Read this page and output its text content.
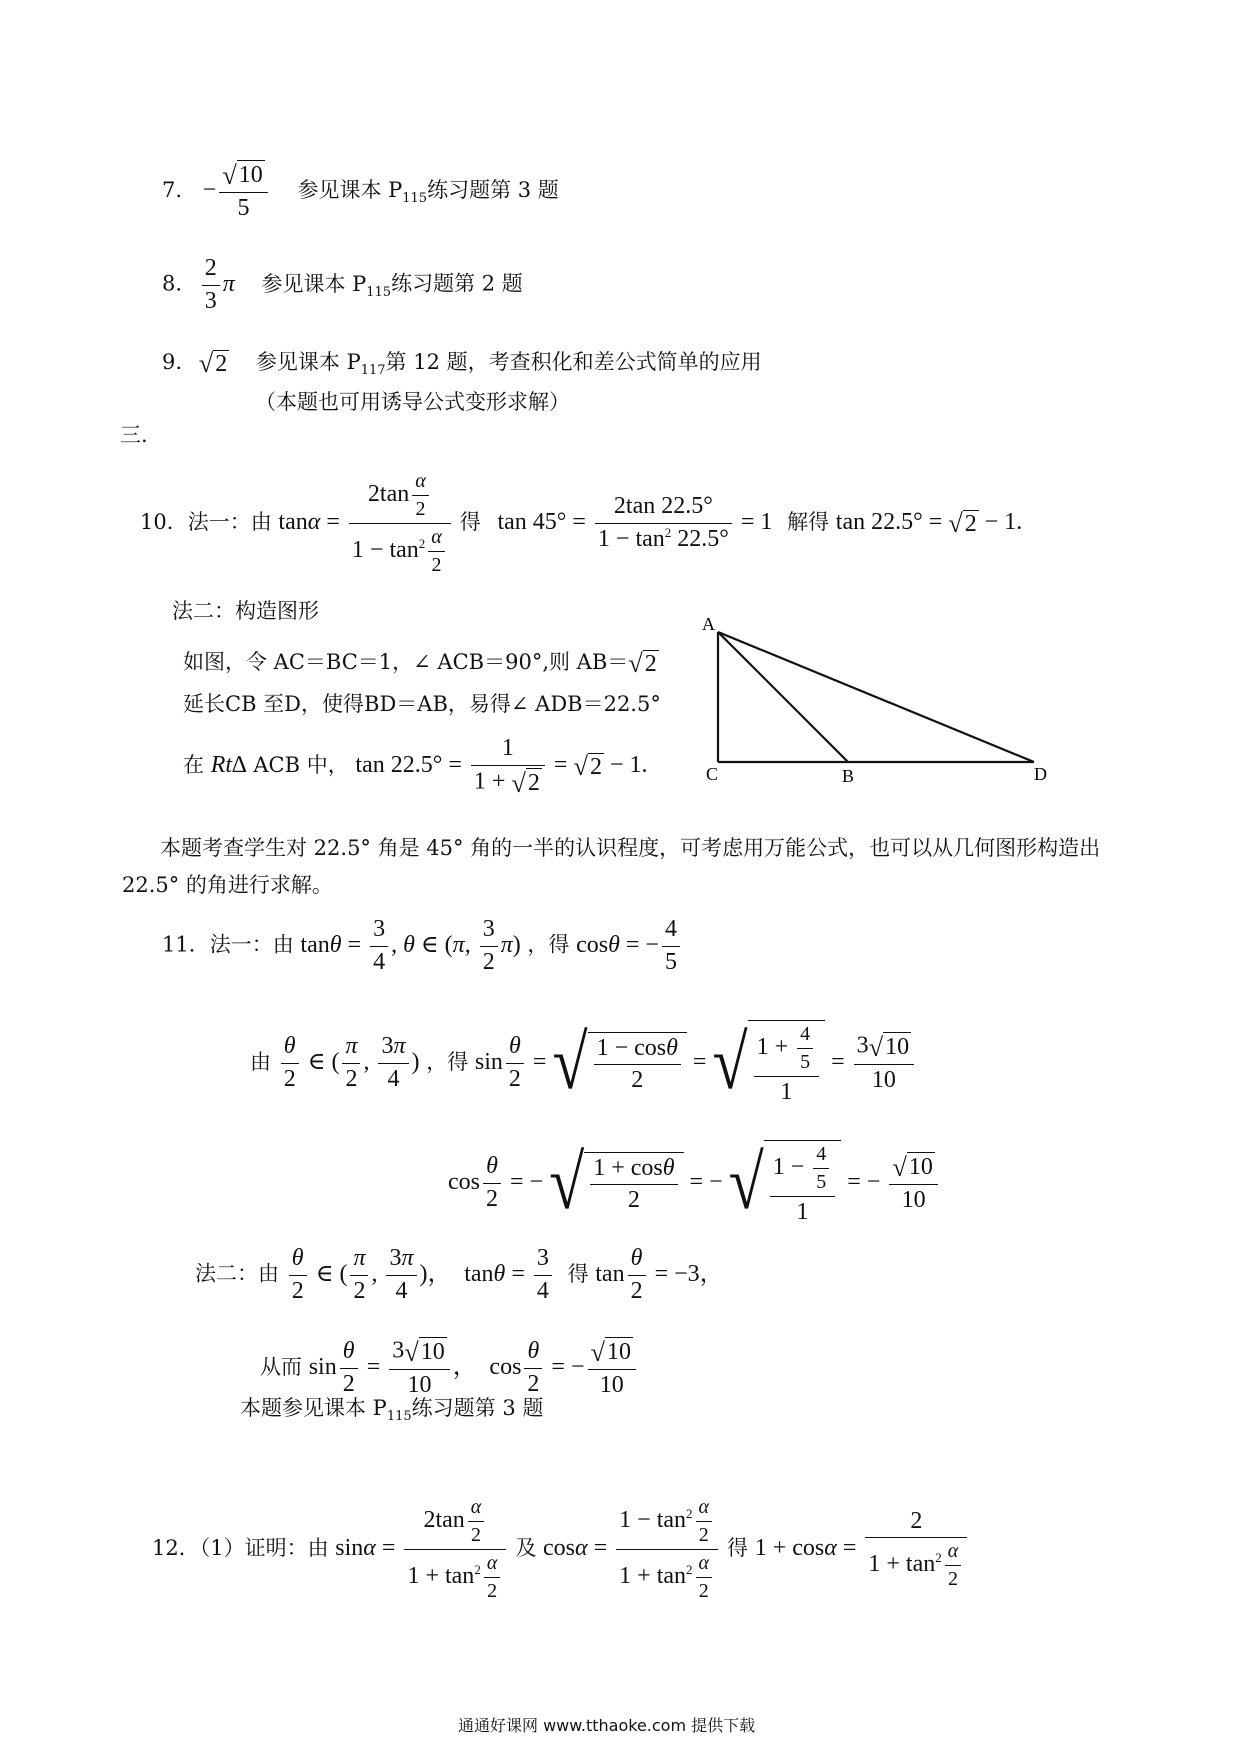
7. − $\frac{√10}{5}$ 参见课本 $P_{115}$练习题第 3 题
8. $\frac{2}{3}$ π 参见课本 $P_{115}$练习题第 2 题
9. √2 参见课本 $P_{117}$第 12 题，考查积化和差公式简单的应用
（本题也可用诱导公式变形求解）
三.
10．法一：由 $\tan\alpha = \frac{2\tan \frac{\alpha}{2}}{1 - \tan^2 \frac{\alpha}{2}}$ 得 $\tan 45^\circ = \frac{2\tan 22.5^\circ}{1 - \tan^2 22.5^\circ} = 1$ 解得 tan 22.5° = √2 − 1.
法二：构造图形
如图，令 AC＝BC＝1，∠ ACB＝90°,则 AB＝√2
延长CB 至D，使得BD＝AB，易得∠ ADB＝22.5°
在 Rt∆ ACB 中， $\tan 22.5^\circ = \frac{1}{1 + √2} = √2 - 1$.
A
C	B	D
本题考查学生对 22.5° 角是 45° 角的一半的认识程度，可考虑用万能公式，也可以从几何图形构造出
22.5° 的角进行求解。
11．法一：由 $\tan\theta = \frac{3}{4}$ , θ ∈ (π, $\frac{3}{2} \pi$) ，得 cosθ = − $\frac{4}{5}$
由 $\frac{\theta}{2}$ ∈ ( $\frac{\pi}{2}$ , $\frac{3\pi}{4}$ ) ，得 $\sin \frac{\theta}{2}$ = √ $\frac{1 - \cos\theta}{2}$ = √ $\frac{1 + \frac{4}{5}}{1} = \frac{3√10}{10}$
$\cos \frac{\theta}{2}$ = − √ $\frac{1 + \cos\theta}{2}$ = − √ $\frac{1 - \frac{4}{5}}{1}$ = − $\frac{√10}{10}$
法二：由 $\frac{\theta}{2}$ ∈ ( $\frac{\pi}{2}$ , $\frac{3\pi}{4}$ )， $\tan\theta = \frac{3}{4}$ 得 $\tan \frac{\theta}{2} = -3$，
从而 $\sin \frac{\theta}{2} = \frac{3√10}{10}$ ， $\cos \frac{\theta}{2}$ = − $\frac{√10}{10}$
本题参见课本 $P_{115}$练习题第 3 题
12．（1）证明：由 $\sin\alpha = \frac{2\tan \frac{\alpha}{2}}{1 + \tan^2 \frac{\alpha}{2}}$ 及 $\cos\alpha = \frac{1 - \tan^2 \frac{\alpha}{2}}{1 + \tan^2 \frac{\alpha}{2}}$ 得 $1 + \cos\alpha = \frac{2}{1 + \tan^2 \frac{\alpha}{2}}$
通通好课网 www.tthaoke.com 提供下载
